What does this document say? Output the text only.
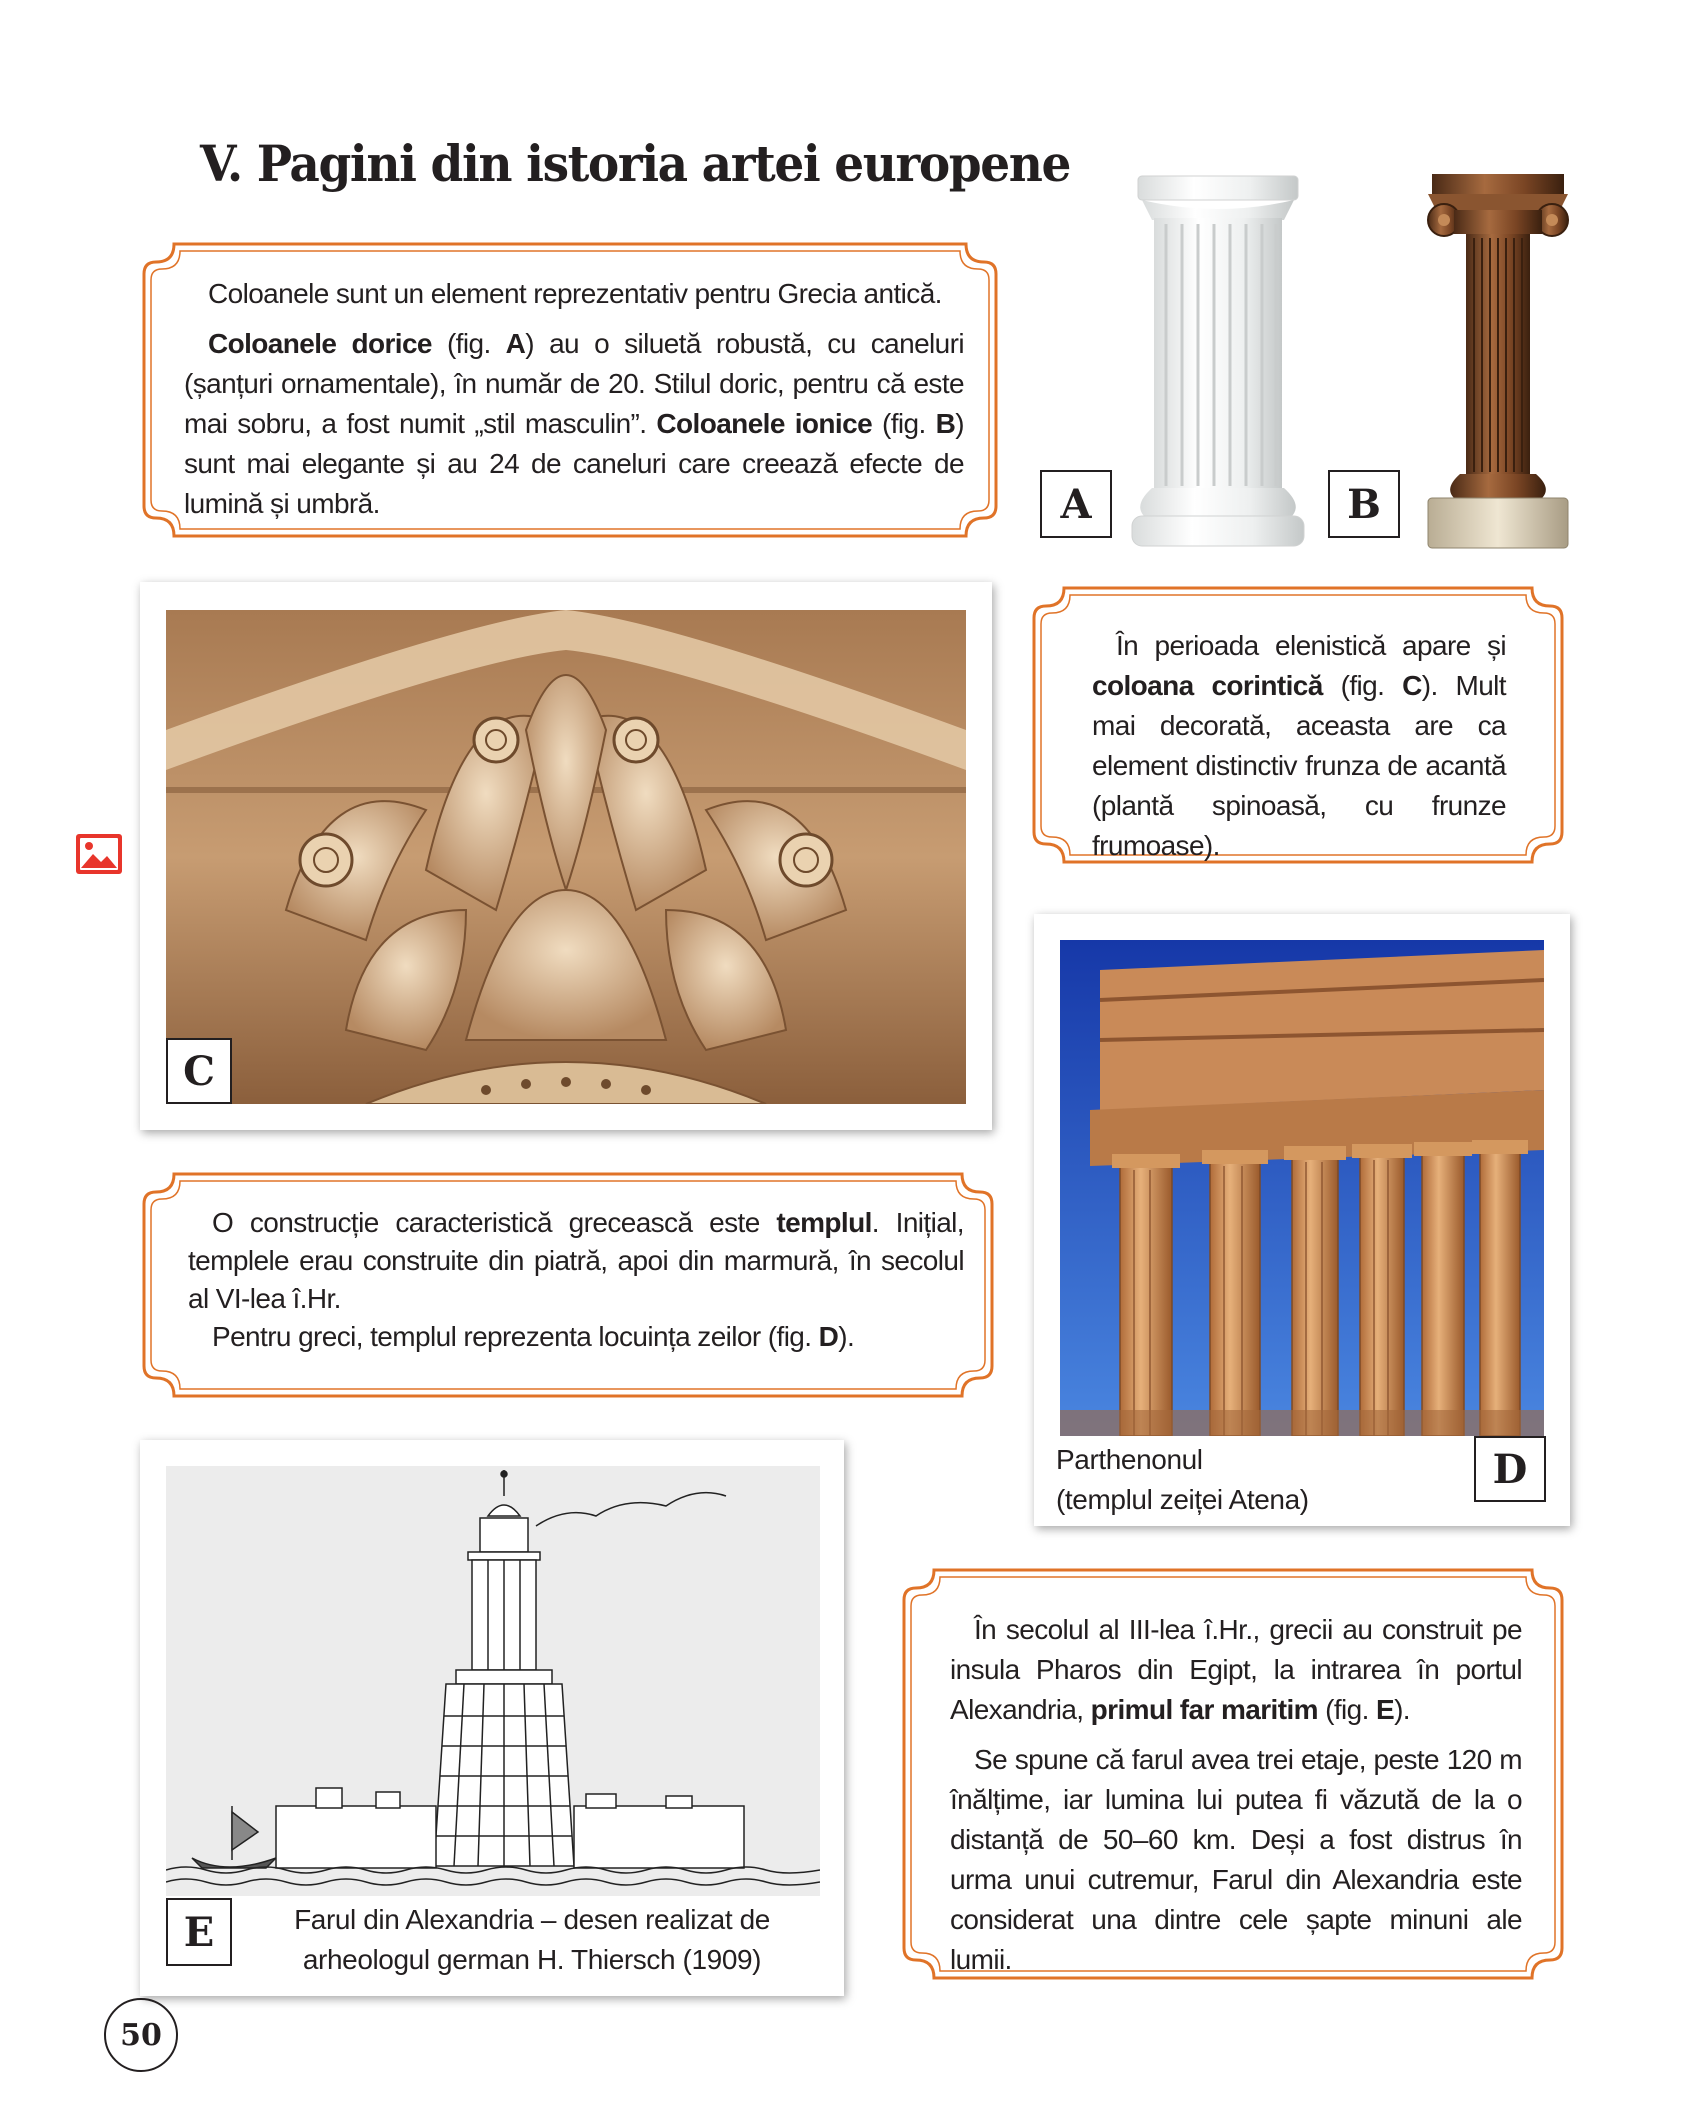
V. Pagini din istoria artei europene

Coloanele sunt un element reprezentativ pentru Grecia antică.

Coloanele dorice (fig. A) au o siluetă robustă, cu caneluri (șanțuri ornamentale), în număr de 20. Stilul doric, pentru că este mai sobru, a fost numit „stil masculin”. Coloanele ionice (fig. B) sunt mai elegante și au 24 de caneluri care creează efecte de lumină și umbră.	A	B
C
În perioada elenistică apare și coloana corintică (fig. C). Mult mai decorată, aceasta are ca element distinctiv frunza de acantă (plantă spinoasă, cu frunze frumoase).

O construcție caracteristică grecească este templul. Inițial, templele erau construite din piatră, apoi din marmură, în secolul al VI-lea î.Hr.

Pentru greci, templul reprezenta locuința zeilor (fig. D).

D
Parthenonul
(templul zeiței Atena)
E	Farul din Alexandria – desen realizat de
arheologul german H. Thiersch (1909)

În secolul al III-lea î.Hr., grecii au construit pe insula Pharos din Egipt, la intrarea în portul Alexandria, primul far maritim (fig. E).

Se spune că farul avea trei etaje, peste 120 m înălțime, iar lumina lui putea fi văzută de la o distanță de 50–60 km. Deși a fost distrus în urma unui cutremur, Farul din Alexandria este considerat una dintre cele șapte minuni ale lumii.

50
